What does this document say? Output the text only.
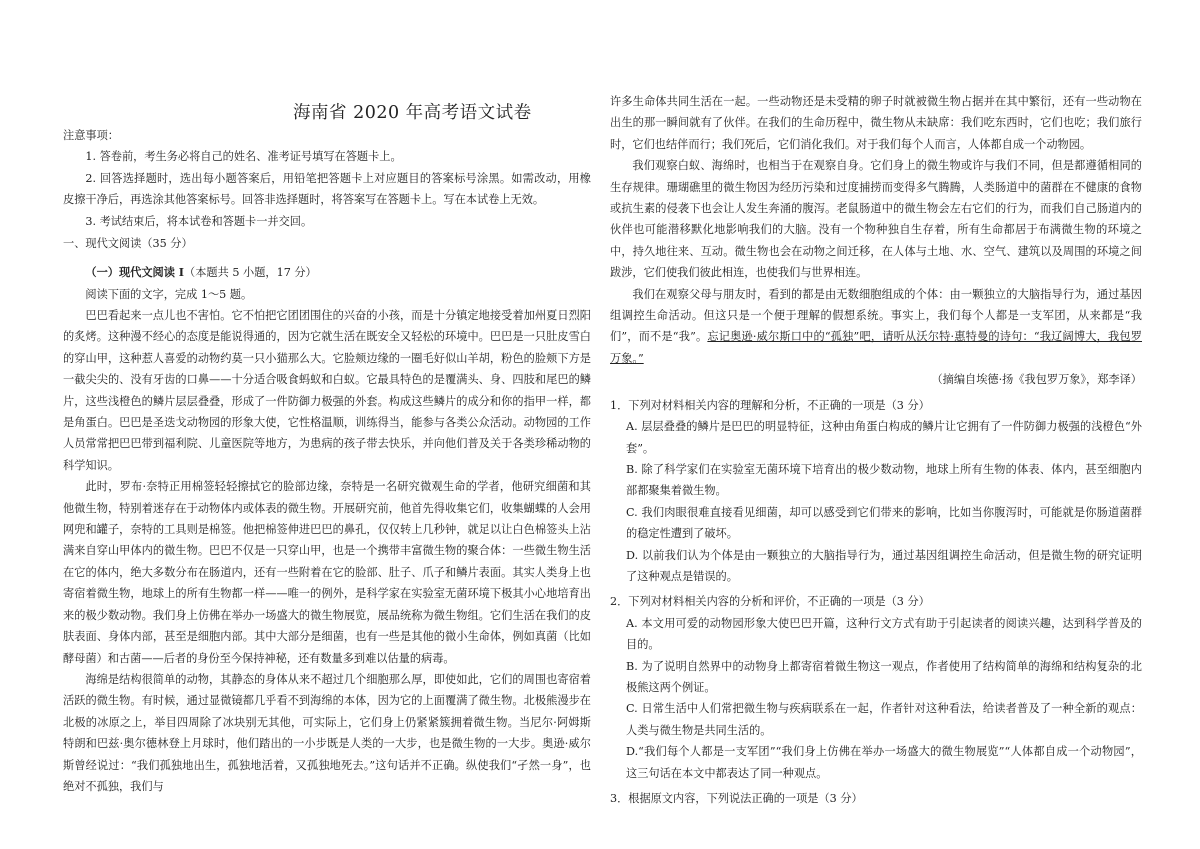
海南省 2020 年高考语文试卷
注意事项：
1. 答卷前，考生务必将自己的姓名、准考证号填写在答题卡上。
2. 回答选择题时，选出每小题答案后，用铅笔把答题卡上对应题目的答案标号涂黑。如需改动，用橡皮擦干净后，再选涂其他答案标号。回答非选择题时，将答案写在答题卡上。写在本试卷上无效。
3. 考试结束后，将本试卷和答题卡一并交回。
一、现代文阅读（35 分）
（一）现代文阅读 I（本题共 5 小题，17 分）
阅读下面的文字，完成 1～5 题。

巴巴看起来一点儿也不害怕。它不怕把它团团围住的兴奋的小孩，而是十分镇定地接受着加州夏日烈阳的炙烤。这种漫不经心的态度是能说得通的，因为它就生活在既安全又轻松的环境中。巴巴是一只肚皮雪白的穿山甲，这种惹人喜爱的动物约莫一只小猫那么大。它脸颊边缘的一圈毛好似山羊胡，粉色的脸颊下方是一截尖尖的、没有牙齿的口鼻——十分适合吸食蚂蚁和白蚁。它最具特色的是覆满头、身、四肢和尾巴的鳞片，这些浅橙色的鳞片层层叠叠，形成了一件防御力极强的外套。构成这些鳞片的成分和你的指甲一样，都是角蛋白。巴巴是圣迭戈动物园的形象大使，它性格温顺，训练得当，能参与各类公众活动。动物园的工作人员常常把巴巴带到福利院、儿童医院等地方，为患病的孩子带去快乐，并向他们普及关于各类珍稀动物的科学知识。

此时，罗布·奈特正用棉签轻轻擦拭它的脸部边缘，奈特是一名研究微观生命的学者，他研究细菌和其他微生物，特别着迷存在于动物体内或体表的微生物。开展研究前，他首先得收集它们，收集蝴蝶的人会用网兜和罐子，奈特的工具则是棉签。他把棉签伸进巴巴的鼻孔，仅仅转上几秒钟，就足以让白色棉签头上沾满来自穿山甲体内的微生物。巴巴不仅是一只穿山甲，也是一个携带丰富微生物的聚合体：一些微生物生活在它的体内，绝大多数分布在肠道内，还有一些附着在它的脸部、肚子、爪子和鳞片表面。其实人类身上也寄宿着微生物，地球上的所有生物都一样——唯一的例外，是科学家在实验室无菌环境下极其小心地培育出来的极少数动物。我们身上仿佛在举办一场盛大的微生物展览，展品统称为微生物组。它们生活在我们的皮肤表面、身体内部，甚至是细胞内部。其中大部分是细菌，也有一些是其他的微小生命体，例如真菌（比如酵母菌）和古菌——后者的身份至今保持神秘，还有数量多到难以估量的病毒。

海绵是结构很简单的动物，其静态的身体从来不超过几个细胞那么厚，即使如此，它们的周围也寄宿着活跃的微生物。有时候，通过显微镜都几乎看不到海绵的本体，因为它的上面覆满了微生物。北极熊漫步在北极的冰原之上，举目四周除了冰块别无其他，可实际上，它们身上仍紧紧簇拥着微生物。当尼尔·阿姆斯特朗和巴兹·奥尔德林登上月球时，他们踏出的一小步既是人类的一大步，也是微生物的一大步。奥逊·威尔斯曾经说过：“我们孤独地出生，孤独地活着，又孤独地死去。”这句话并不正确。纵使我们“孑然一身”，也绝对不孤独，我们与

许多生命体共同生活在一起。一些动物还是未受精的卵子时就被微生物占据并在其中繁衍，还有一些动物在出生的那一瞬间就有了伙伴。在我们的生命历程中，微生物从未缺席：我们吃东西时，它们也吃；我们旅行时，它们也结伴而行；我们死后，它们消化我们。对于我们每个人而言，人体都自成一个动物园。

我们观察白蚁、海绵时，也相当于在观察自身。它们身上的微生物或许与我们不同，但是都遵循相同的生存规律。珊瑚礁里的微生物因为经历污染和过度捕捞而变得多气腾腾，人类肠道中的菌群在不健康的食物或抗生素的侵袭下也会让人发生奔涌的腹泻。老鼠肠道中的微生物会左右它们的行为，而我们自己肠道内的伙伴也可能潜移默化地影响我们的大脑。没有一个物种独自生存着，所有生命都居于布满微生物的环境之中，持久地往来、互动。微生物也会在动物之间迁移，在人体与土地、水、空气、建筑以及周围的环境之间跋涉，它们使我们彼此相连，也使我们与世界相连。

我们在观察父母与朋友时，看到的都是由无数细胞组成的个体：由一颗独立的大脑指导行为，通过基因组调控生命活动。但这只是一个便于理解的假想系统。事实上，我们每个人都是一支军团，从来都是“我们”，而不是“我”。忘记奥逊·威尔斯口中的“孤独”吧，请听从沃尔特·惠特曼的诗句：“我辽阔博大，我包罗万象。”

（摘编自埃德·扬《我包罗万象》，郑李译）

1．下列对材料相关内容的理解和分析，不正确的一项是（3 分）
A. 层层叠叠的鳞片是巴巴的明显特征，这种由角蛋白构成的鳞片让它拥有了一件防御力极强的浅橙色“外套”。
B. 除了科学家们在实验室无菌环境下培育出的极少数动物，地球上所有生物的体表、体内，甚至细胞内部都聚集着微生物。
C. 我们肉眼很难直接看见细菌，却可以感受到它们带来的影响，比如当你腹泻时，可能就是你肠道菌群的稳定性遭到了破坏。
D. 以前我们认为个体是由一颗独立的大脑指导行为，通过基因组调控生命活动，但是微生物的研究证明了这种观点是错误的。
2．下列对材料相关内容的分析和评价，不正确的一项是（3 分）
A. 本文用可爱的动物园形象大使巴巴开篇，这种行文方式有助于引起读者的阅读兴趣，达到科学普及的目的。
B. 为了说明自然界中的动物身上都寄宿着微生物这一观点，作者使用了结构简单的海绵和结构复杂的北极熊这两个例证。
C. 日常生活中人们常把微生物与疾病联系在一起，作者针对这种看法，给读者普及了一种全新的观点：人类与微生物是共同生活的。
D.“我们每个人都是一支军团”“我们身上仿佛在举办一场盛大的微生物展览”“人体都自成一个动物园”，这三句话在本文中都表达了同一种观点。
3．根据原文内容，下列说法正确的一项是（3 分）
